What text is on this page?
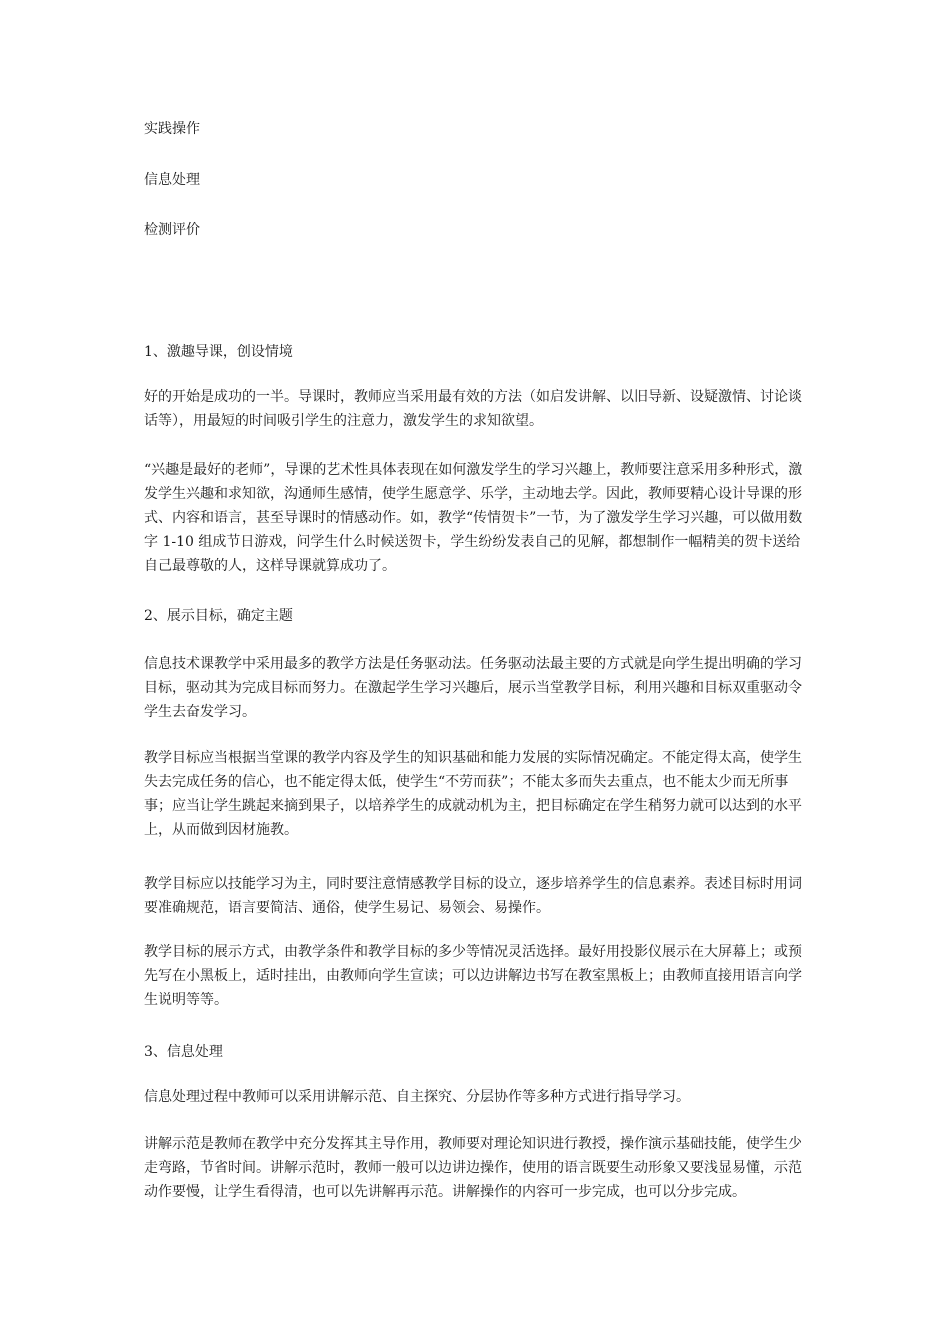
实践操作

信息处理

检测评价

1、激趣导课，创设情境

好的开始是成功的一半。导课时，教师应当采用最有效的方法（如启发讲解、以旧导新、设疑激情、讨论谈话等），用最短的时间吸引学生的注意力，激发学生的求知欲望。

“兴趣是最好的老师”，导课的艺术性具体表现在如何激发学生的学习兴趣上，教师要注意采用多种形式，激发学生兴趣和求知欲，沟通师生感情，使学生愿意学、乐学，主动地去学。因此，教师要精心设计导课的形式、内容和语言，甚至导课时的情感动作。如，教学“传情贺卡”一节，为了激发学生学习兴趣，可以做用数字 1-10 组成节日游戏，问学生什么时候送贺卡，学生纷纷发表自己的见解，都想制作一幅精美的贺卡送给自己最尊敬的人，这样导课就算成功了。

2、展示目标，确定主题

信息技术课教学中采用最多的教学方法是任务驱动法。任务驱动法最主要的方式就是向学生提出明确的学习目标，驱动其为完成目标而努力。在激起学生学习兴趣后，展示当堂教学目标，利用兴趣和目标双重驱动令学生去奋发学习。

教学目标应当根据当堂课的教学内容及学生的知识基础和能力发展的实际情况确定。不能定得太高，使学生失去完成任务的信心，也不能定得太低，使学生“不劳而获”；不能太多而失去重点，也不能太少而无所事事；应当让学生跳起来摘到果子，以培养学生的成就动机为主，把目标确定在学生稍努力就可以达到的水平上，从而做到因材施教。

教学目标应以技能学习为主，同时要注意情感教学目标的设立，逐步培养学生的信息素养。表述目标时用词要准确规范，语言要简洁、通俗，使学生易记、易领会、易操作。

教学目标的展示方式，由教学条件和教学目标的多少等情况灵活选择。最好用投影仪展示在大屏幕上；或预先写在小黑板上，适时挂出，由教师向学生宣读；可以边讲解边书写在教室黑板上；由教师直接用语言向学生说明等等。

3、信息处理

信息处理过程中教师可以采用讲解示范、自主探究、分层协作等多种方式进行指导学习。

讲解示范是教师在教学中充分发挥其主导作用，教师要对理论知识进行教授，操作演示基础技能，使学生少走弯路，节省时间。讲解示范时，教师一般可以边讲边操作，使用的语言既要生动形象又要浅显易懂，示范动作要慢，让学生看得清，也可以先讲解再示范。讲解操作的内容可一步完成，也可以分步完成。
